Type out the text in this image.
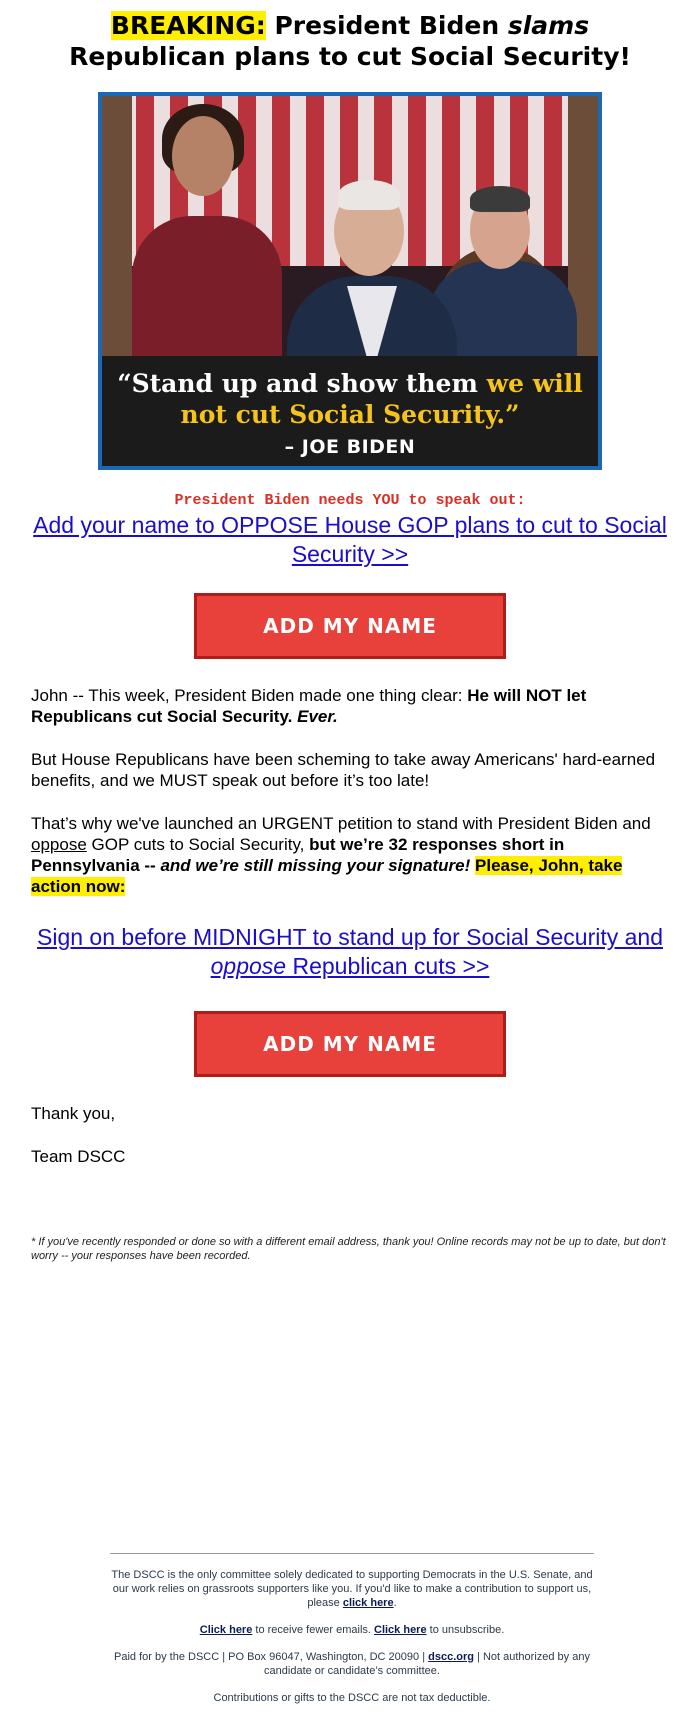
BREAKING: President Biden slams Republican plans to cut Social Security!
“Stand up and show them we will not cut Social Security.”
– JOE BIDEN
President Biden needs YOU to speak out:
Add your name to OPPOSE House GOP plans to cut to Social Security >>
ADD MY NAME

John -- This week, President Biden made one thing clear: He will NOT let Republicans cut Social Security. Ever.

But House Republicans have been scheming to take away Americans' hard-earned benefits, and we MUST speak out before it’s too late!

That’s why we've launched an URGENT petition to stand with President Biden and oppose GOP cuts to Social Security, but we’re 32 responses short in Pennsylvania -- and we’re still missing your signature! Please, John, take action now:

Sign on before MIDNIGHT to stand up for Social Security and oppose Republican cuts >>
ADD MY NAME

Thank you,

Team DSCC

* If you've recently responded or done so with a different email address, thank you! Online records may not be up to date, but don't worry -- your responses have been recorded.

The DSCC is the only committee solely dedicated to supporting Democrats in the U.S. Senate, and our work relies on grassroots supporters like you. If you'd like to make a contribution to support us, please click here.

Click here to receive fewer emails. Click here to unsubscribe.

Paid for by the DSCC | PO Box 96047, Washington, DC 20090 | dscc.org | Not authorized by any candidate or candidate’s committee.

Contributions or gifts to the DSCC are not tax deductible.
